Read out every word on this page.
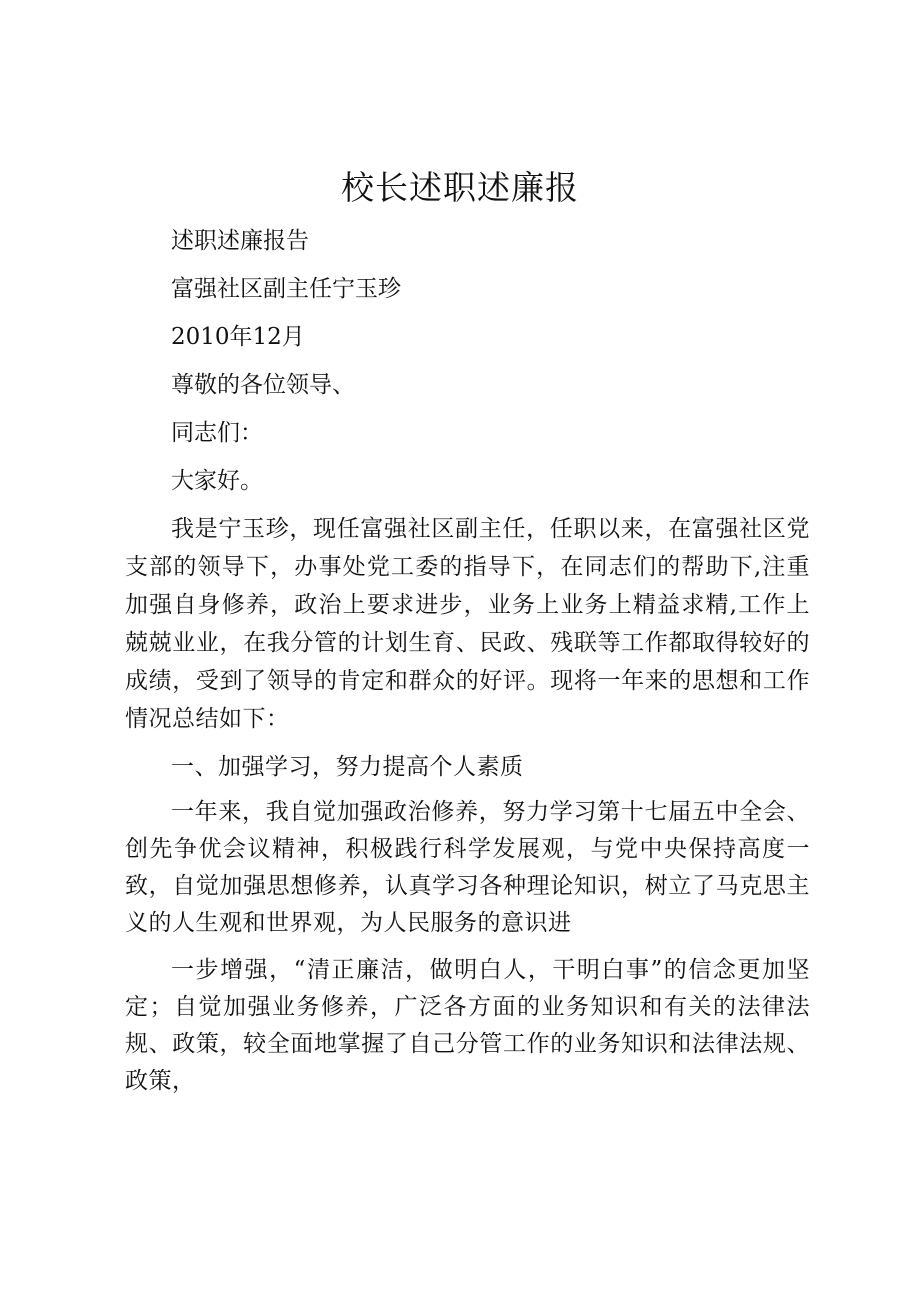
校长述职述廉报

述职述廉报告

富强社区副主任宁玉珍

2010年12月

尊敬的各位领导、

同志们：

大家好。

我是宁玉珍，现任富强社区副主任，任职以来，在富强社区党支部的领导下，办事处党工委的指导下，在同志们的帮助下,注重加强自身修养，政治上要求进步，业务上业务上精益求精,工作上兢兢业业，在我分管的计划生育、民政、残联等工作都取得较好的成绩，受到了领导的肯定和群众的好评。现将一年来的思想和工作情况总结如下：

一、加强学习，努力提高个人素质

一年来，我自觉加强政治修养，努力学习第十七届五中全会、创先争优会议精神，积极践行科学发展观，与党中央保持高度一致，自觉加强思想修养，认真学习各种理论知识，树立了马克思主义的人生观和世界观，为人民服务的意识进

一步增强，“清正廉洁，做明白人，干明白事”的信念更加坚定；自觉加强业务修养，广泛各方面的业务知识和有关的法律法规、政策，较全面地掌握了自己分管工作的业务知识和法律法规、政策，
